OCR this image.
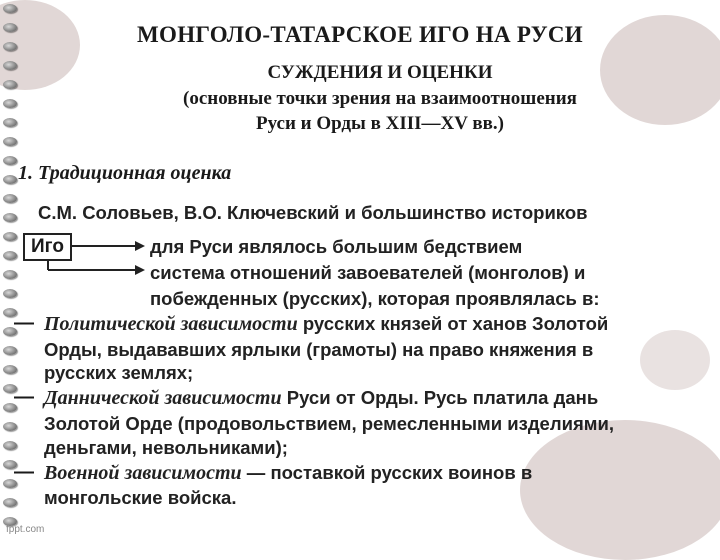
МОНГОЛО-ТАТАРСКОЕ ИГО НА РУСИ
СУЖДЕНИЯ И ОЦЕНКИ
(основные точки зрения на взаимоотношения
Руси и Орды в XIII—XV вв.)
1. Традиционная оценка
С.М. Соловьев, В.О. Ключевский и большинство историков
Иго	для Руси являлось большим бедствием
система отношений завоевателей (монголов) и
побежденных (русских), которая проявлялась в:
— Политической зависимости русских князей от ханов Золотой
Орды, выдававших ярлыки (грамоты) на право княжения в
русских землях;
— Даннической зависимости Руси от Орды. Русь платила дань
Золотой Орде (продовольствием, ремесленными изделиями,
деньгами, невольниками);
— Военной зависимости — поставкой русских воинов в
монгольские войска.
fppt.com
